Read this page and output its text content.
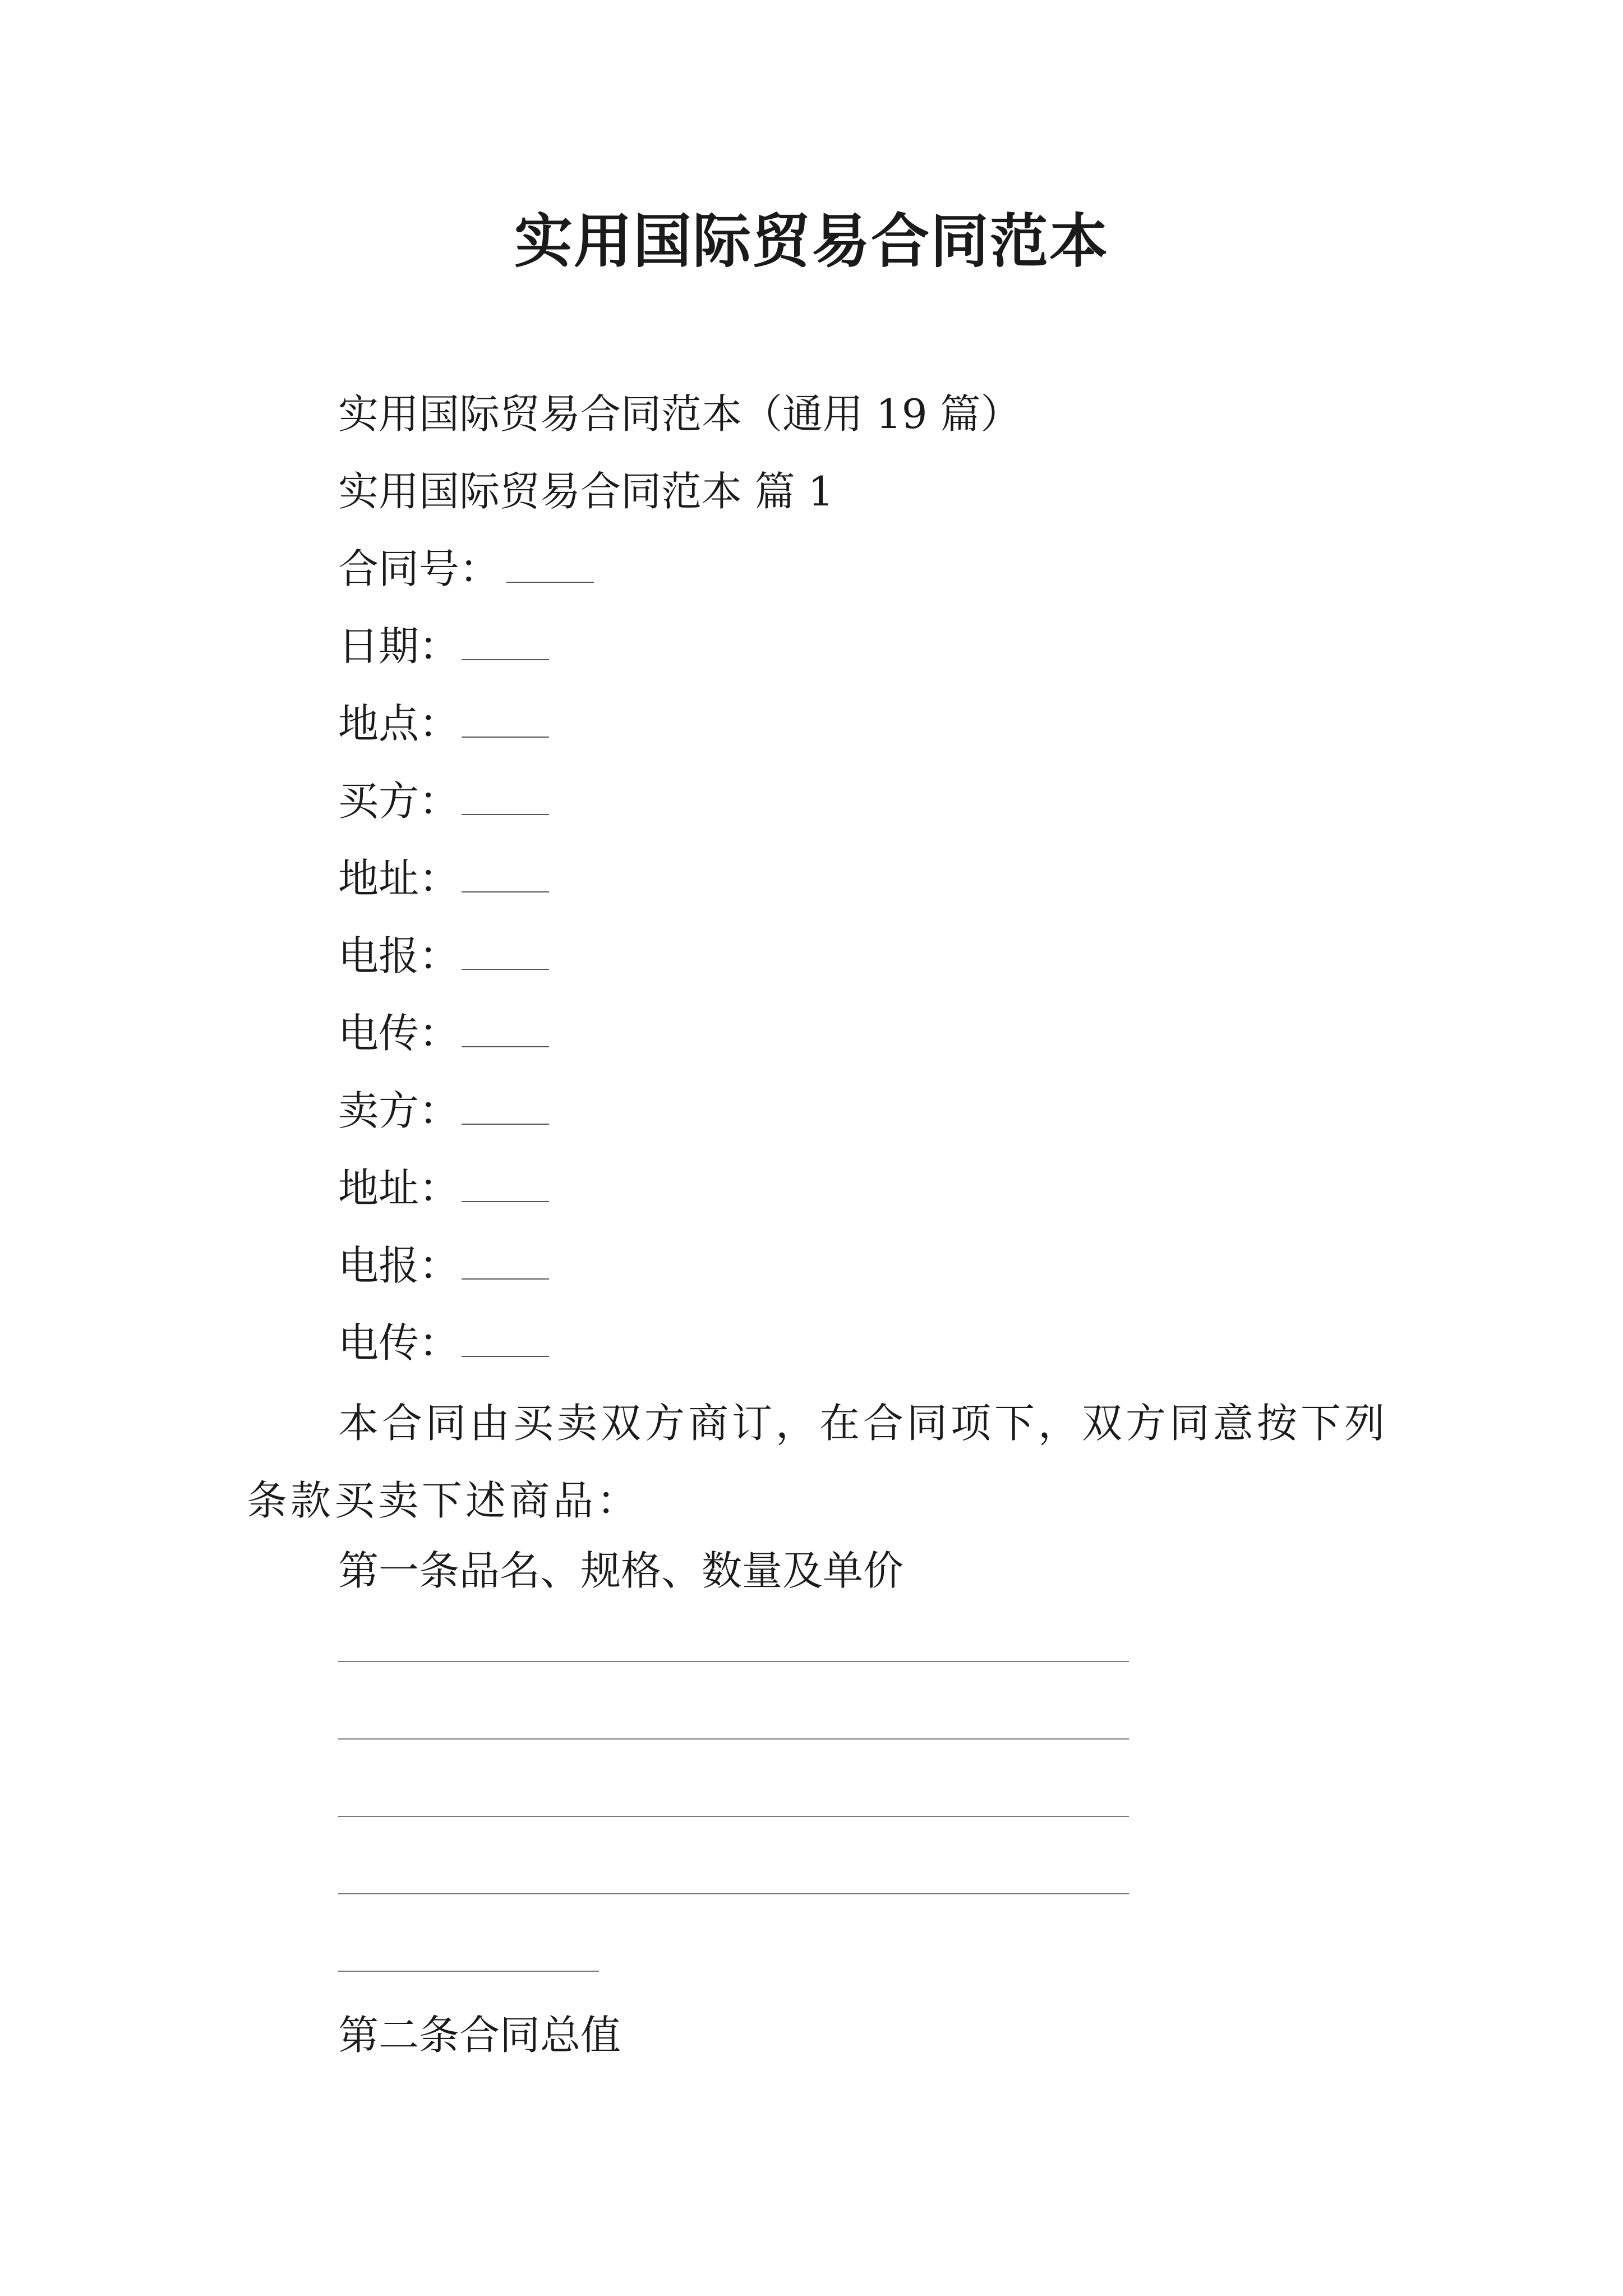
实用国际贸易合同范本
实用国际贸易合同范本（通用 19 篇）
实用国际贸易合同范本 篇 1
合同号：
日期：
地点：
买方：
地址：
电报：
电传：
卖方：
地址：
电报：
电传：
本合同由买卖双方商订，在合同项下，双方同意按下列条款买卖下述商品：
第一条品名、规格、数量及单价
第二条合同总值
